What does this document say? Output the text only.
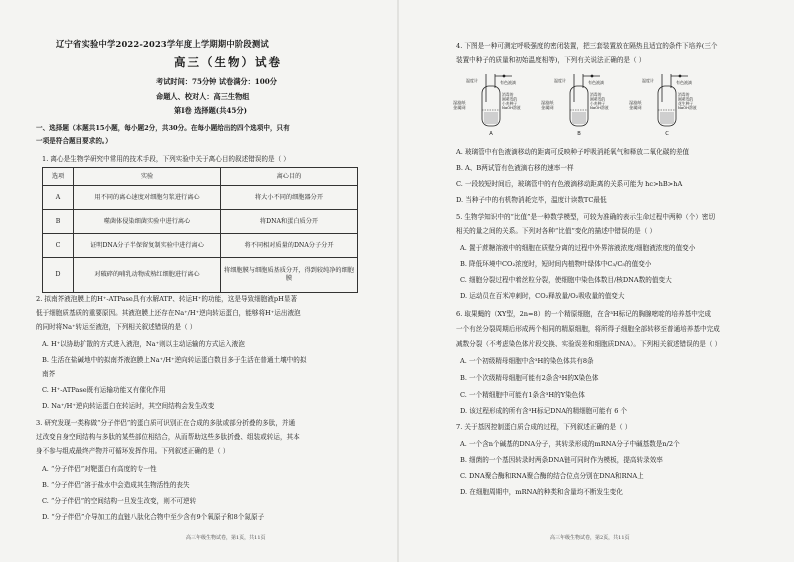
辽宁省实验中学2022-2023学年度上学期期中阶段测试
高三（生物）试卷
考试时间：75分钟 试卷满分：100分
命题人、校对人：高三生物组
第Ⅰ卷 选择题(共45分)
一、选择题（本题共15小题，每小题2分，共30分。在每小题给出的四个选项中，只有
一项是符合题目要求的。）
1. 离心是生物学研究中常用的技术手段，下列实验中关于离心目的叙述错误的是（ ）
选项	实验	离心目的
A	用不同的离心速度对细胞匀浆进行离心	将大小不同的细胞器分开
B	噬菌体侵染细菌实验中进行离心	将DNA和蛋白质分开
C	证明DNA分子半保留复制实验中进行离心	将不同相对质量的DNA分子分开
D	对破碎的哺乳动物成熟红细胞进行离心	将细胞膜与细胞质基质分开，得到较纯净的细胞膜
2. 拟南芥液泡膜上的H⁺-ATPase具有水解ATP、转运H⁺的功能，这是导致细胞液pH显著
低于细胞质基质的重要原因。其液泡膜上还存在Na⁺/H⁺逆向转运蛋白，能够将H⁺运出液泡
的同时将Na⁺转运至液泡，下列相关叙述错误的是（ ）
A. H⁺以协助扩散的方式进入液泡，Na⁺则以主动运输的方式运入液泡
B. 生活在盐碱地中的拟南芥液泡膜上Na⁺/H⁺逆向转运蛋白数目多于生活在普通土壤中的拟
南芥
C. H⁺-ATPase既有运输功能又有催化作用
D. Na⁺/H⁺逆向转运蛋白在转运时，其空间结构会发生改变
3. 研究发现一类称做“分子伴侣”的蛋白质可识别正在合成的多肽或部分折叠的多肽，并通
过改变自身空间结构与多肽的某些部位相结合，从而帮助这些多肽折叠、组装或转运，其本
身不参与组成最终产物并可循环发挥作用。下列叙述正确的是（ ）
A. “分子伴侣”对靶蛋白有高度的专一性
B. “分子伴侣”溶于盐水中会造成其生物活性的丧失
C. “分子伴侣”的空间结构一旦发生改变，则不可逆转
D. “分子伴侣”介导加工的直链八肽化合物中至少含有9个氧原子和8个氮原子
高三年级生物试卷，第1页，共11页
4. 下图是一种可测定呼吸强度的密闭装置，把三套装置放在隔热且适宜的条件下培养(三个
装置中种子的质量和初始温度相等)，下列有关说法正确的是（ ）
湿滤纸金属网
消毒的刚萌发的小麦种子 NaOH溶液
温度计	有色液滴
A
湿滤纸金属网
消毒的刚萌发的小麦种子 NaOH溶液
温度计	有色液滴
B
湿滤纸金属网
消毒的刚萌发的花生种子 NaOH溶液
温度计	有色液滴
C
A. 玻璃管中有色液滴移动的距离可反映种子呼吸消耗氧气和释放二氧化碳的差值
B. A、B两试管有色液滴右移的速率一样
C. 一段较短时间后，玻璃管中的有色液滴移动距离的关系可能为 hc>hB>hA
D. 当种子中的有机物消耗完毕，温度计读数TC最低
5. 生物学知识中的“比值”是一种数学模型，可较为准确的表示生命过程中两种（个）密切
相关的量之间的关系。下列对各种“比值”变化的描述中错误的是（ ）
A. 置于蔗糖溶液中的细胞在质壁分离的过程中外界溶液浓度/细胞液浓度的值变小
B. 降低环境中CO₂浓度时，短时间内植物叶绿体中C₃/C₅的值变小
C. 细胞分裂过程中着丝粒分裂，使细胞中染色体数目/核DNA数的值变大
D. 运动员在百米冲刺时，CO₂释放量/O₂吸收量的值变大
6. 取果蝇的（XY型，2n=8）的一个精原细胞，在含³H标记的胸腺嘧啶的培养基中完成
一个有丝分裂周期后形成两个相同的精原细胞，将所得子细胞全部转移至普通培养基中完成
减数分裂（不考虑染色体片段交换、实验误差和细胞质DNA）。下列相关叙述错误的是（ ）
A. 一个初级精母细胞中含³H的染色体共有8条
B. 一个次级精母细胞可能有2条含³H的X染色体
C. 一个精细胞中可能有1条含³H的Y染色体
D. 该过程形成的所有含³H标记DNA的精细胞可能有 6 个
7. 关于基因控制蛋白质合成的过程，下列叙述正确的是（ ）
A. 一个含n个碱基的DNA分子，其转录形成的mRNA分子中碱基数是n/2个
B. 细菌的一个基因转录时两条DNA链可同时作为模板，提高转录效率
C. DNA聚合酶和RNA聚合酶的结合位点分别在DNA和RNA上
D. 在细胞周期中，mRNA的种类和含量均不断发生变化
高三年级生物试卷，第2页，共11页
